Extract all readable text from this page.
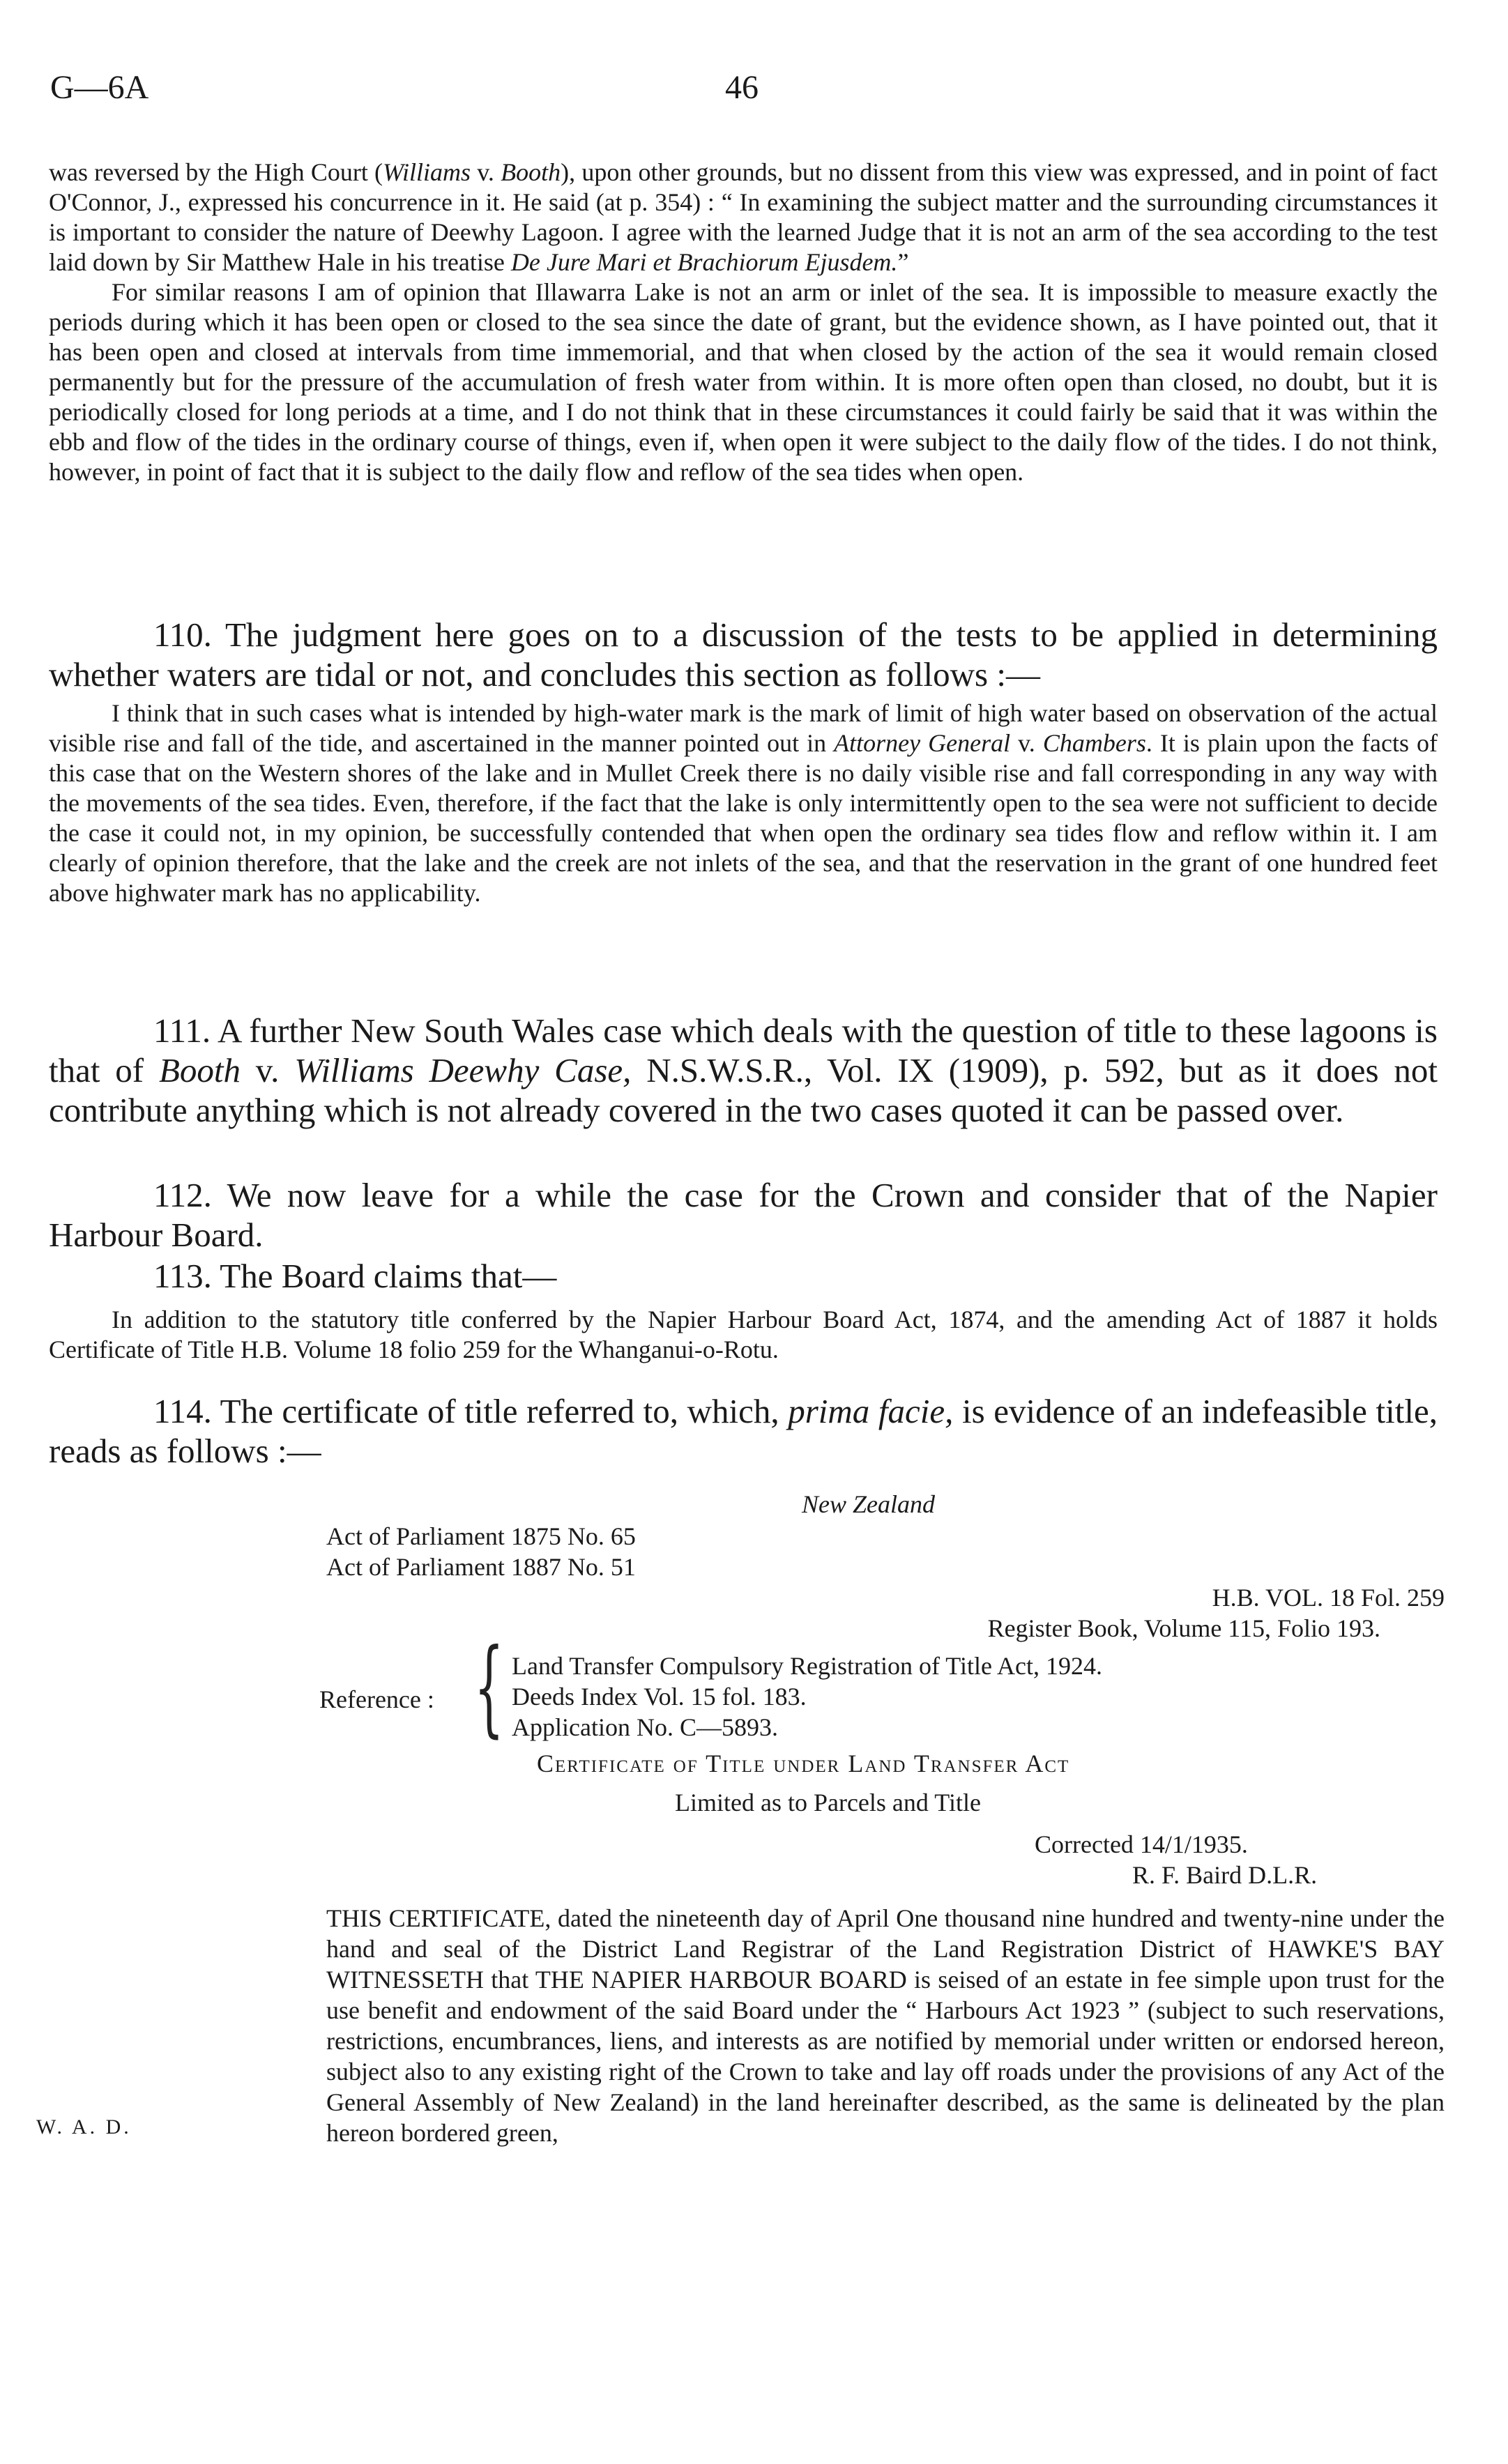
G—6A	46

was reversed by the High Court (Williams v. Booth), upon other grounds, but no dissent from this view was expressed, and in point of fact O'Connor, J., expressed his concurrence in it. He said (at p. 354) : “ In examining the subject matter and the surrounding circumstances it is important to consider the nature of Deewhy Lagoon. I agree with the learned Judge that it is not an arm of the sea according to the test laid down by Sir Matthew Hale in his treatise De Jure Mari et Brachiorum Ejusdem.”

For similar reasons I am of opinion that Illawarra Lake is not an arm or inlet of the sea. It is impossible to measure exactly the periods during which it has been open or closed to the sea since the date of grant, but the evidence shown, as I have pointed out, that it has been open and closed at intervals from time immemorial, and that when closed by the action of the sea it would remain closed permanently but for the pressure of the accumulation of fresh water from within. It is more often open than closed, no doubt, but it is periodically closed for long periods at a time, and I do not think that in these circumstances it could fairly be said that it was within the ebb and flow of the tides in the ordinary course of things, even if, when open it were subject to the daily flow of the tides. I do not think, however, in point of fact that it is subject to the daily flow and reflow of the sea tides when open.

110. The judgment here goes on to a discussion of the tests to be applied in determining whether waters are tidal or not, and concludes this section as follows :—

I think that in such cases what is intended by high-water mark is the mark of limit of high water based on observation of the actual visible rise and fall of the tide, and ascertained in the manner pointed out in Attorney General v. Chambers. It is plain upon the facts of this case that on the Western shores of the lake and in Mullet Creek there is no daily visible rise and fall corresponding in any way with the movements of the sea tides. Even, therefore, if the fact that the lake is only intermittently open to the sea were not sufficient to decide the case it could not, in my opinion, be successfully contended that when open the ordinary sea tides flow and reflow within it. I am clearly of opinion therefore, that the lake and the creek are not inlets of the sea, and that the reservation in the grant of one hundred feet above highwater mark has no applicability.

111. A further New South Wales case which deals with the question of title to these lagoons is that of Booth v. Williams Deewhy Case, N.S.W.S.R., Vol. IX (1909), p. 592, but as it does not contribute anything which is not already covered in the two cases quoted it can be passed over.

112. We now leave for a while the case for the Crown and consider that of the Napier Harbour Board.

113. The Board claims that—

In addition to the statutory title conferred by the Napier Harbour Board Act, 1874, and the amending Act of 1887 it holds Certificate of Title H.B. Volume 18 folio 259 for the Whanganui-o-Rotu.

114. The certificate of title referred to, which, prima facie, is evidence of an indefeasible title, reads as follows :—

New Zealand
Act of Parliament 1875 No. 65
Act of Parliament 1887 No. 51
H.B. VOL. 18 Fol. 259
Register Book, Volume 115, Folio 193.
Reference : { Land Transfer Compulsory Registration of Title Act, 1924.
Deeds Index Vol. 15 fol. 183.
Application No. C—5893.
Certificate of Title under Land Transfer Act
Limited as to Parcels and Title
Corrected 14/1/1935.
R. F. Baird D.L.R.
THIS CERTIFICATE, dated the nineteenth day of April One thousand nine hundred and twenty-nine under the hand and seal of the District Land Registrar of the Land Registration District of HAWKE'S BAY WITNESSETH that THE NAPIER HARBOUR BOARD is seised of an estate in fee simple upon trust for the use benefit and endowment of the said Board under the “ Harbours Act 1923 ” (subject to such reservations, restrictions, encumbrances, liens, and interests as are notified by memorial under written or endorsed hereon, subject also to any existing right of the Crown to take and lay off roads under the provisions of any Act of the General Assembly of New Zealand) in the land hereinafter described, as the same is delineated by the plan hereon bordered green,
W. A. D.
